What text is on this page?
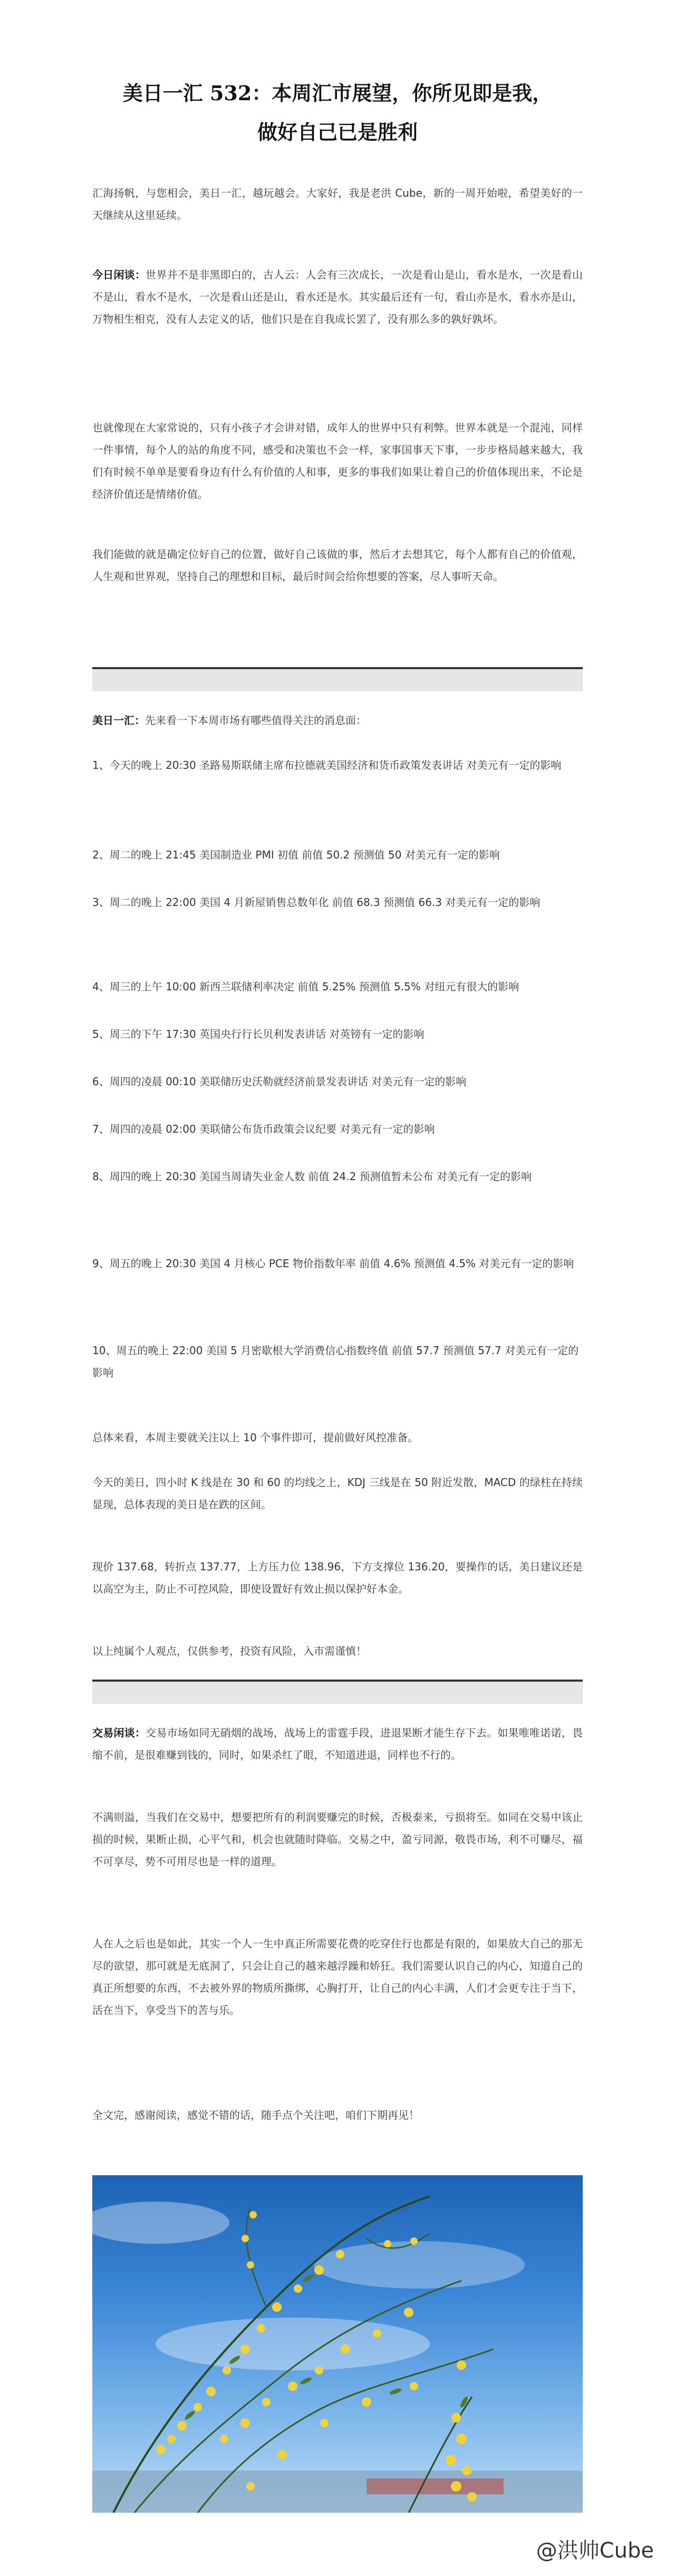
美日一汇 532：本周汇市展望，你所见即是我，
做好自己已是胜利

汇海扬帆，与您相会，美日一汇，越玩越会。大家好，我是老洪 Cube，新的一周开始啦，希望美好的一天继续从这里延续。

今日闲谈：世界并不是非黑即白的，古人云：人会有三次成长，一次是看山是山，看水是水，一次是看山不是山，看水不是水，一次是看山还是山，看水还是水。其实最后还有一句，看山亦是水，看水亦是山，万物相生相克，没有人去定义的话，他们只是在自我成长罢了，没有那么多的孰好孰坏。

也就像现在大家常说的，只有小孩子才会讲对错，成年人的世界中只有利弊。世界本就是一个混沌，同样一件事情，每个人的站的角度不同，感受和决策也不会一样，家事国事天下事，一步步格局越来越大，我们有时候不单单是要看身边有什么有价值的人和事，更多的事我们如果让着自己的价值体现出来，不论是经济价值还是情绪价值。

我们能做的就是确定位好自己的位置，做好自己该做的事，然后才去想其它，每个人都有自己的价值观，人生观和世界观，坚持自己的理想和目标，最后时间会给你想要的答案，尽人事听天命。

美日一汇：先来看一下本周市场有哪些值得关注的消息面：

1、今天的晚上 20:30 圣路易斯联储主席布拉德就美国经济和货币政策发表讲话 对美元有一定的影响

2、周二的晚上 21:45 美国制造业 PMI 初值 前值 50.2 预测值 50 对美元有一定的影响

3、周二的晚上 22:00 美国 4 月新屋销售总数年化 前值 68.3 预测值 66.3 对美元有一定的影响

4、周三的上午 10:00 新西兰联储利率决定 前值 5.25% 预测值 5.5% 对纽元有很大的影响

5、周三的下午 17:30 英国央行行长贝利发表讲话 对英镑有一定的影响

6、周四的凌晨 00:10 美联储历史沃勒就经济前景发表讲话 对美元有一定的影响

7、周四的凌晨 02:00 美联储公布货币政策会议纪要 对美元有一定的影响

8、周四的晚上 20:30 美国当周请失业金人数 前值 24.2 预测值暂未公布 对美元有一定的影响

9、周五的晚上 20:30 美国 4 月核心 PCE 物价指数年率 前值 4.6% 预测值 4.5% 对美元有一定的影响

10、周五的晚上 22:00 美国 5 月密歇根大学消费信心指数终值 前值 57.7 预测值 57.7 对美元有一定的影响

总体来看，本周主要就关注以上 10 个事件即可，提前做好风控准备。

今天的美日，四小时 K 线是在 30 和 60 的均线之上，KDJ 三线是在 50 附近发散，MACD 的绿柱在持续显现，总体表现的美日是在跌的区间。

现价 137.68，转折点 137.77，上方压力位 138.96，下方支撑位 136.20，要操作的话，美日建议还是以高空为主，防止不可控风险，即使设置好有效止损以保护好本金。

以上纯属个人观点，仅供参考，投资有风险，入市需谨慎！

交易闲谈：交易市场如同无硝烟的战场，战场上的雷霆手段，进退果断才能生存下去。如果唯唯诺诺，畏缩不前，是很难赚到钱的，同时，如果杀红了眼，不知道进退，同样也不行的。

不满则溢，当我们在交易中，想要把所有的利润要赚完的时候，否极泰来，亏损将至。如同在交易中该止损的时候，果断止损，心平气和，机会也就随时降临。交易之中，盈亏同源，敬畏市场，利不可赚尽，福不可享尽，势不可用尽也是一样的道理。

人在人之后也是如此，其实一个人一生中真正所需要花费的吃穿住行也都是有限的，如果放大自己的那无尽的欲望，那可就是无底洞了，只会让自己的越来越浮躁和娇狂。我们需要认识自己的内心，知道自己的真正所想要的东西，不去被外界的物质所撕绑，心胸打开，让自己的内心丰满，人们才会更专注于当下，活在当下，享受当下的苦与乐。

全文完，感谢阅读，感觉不错的话，随手点个关注吧，咱们下期再见！

@洪帅Cube
